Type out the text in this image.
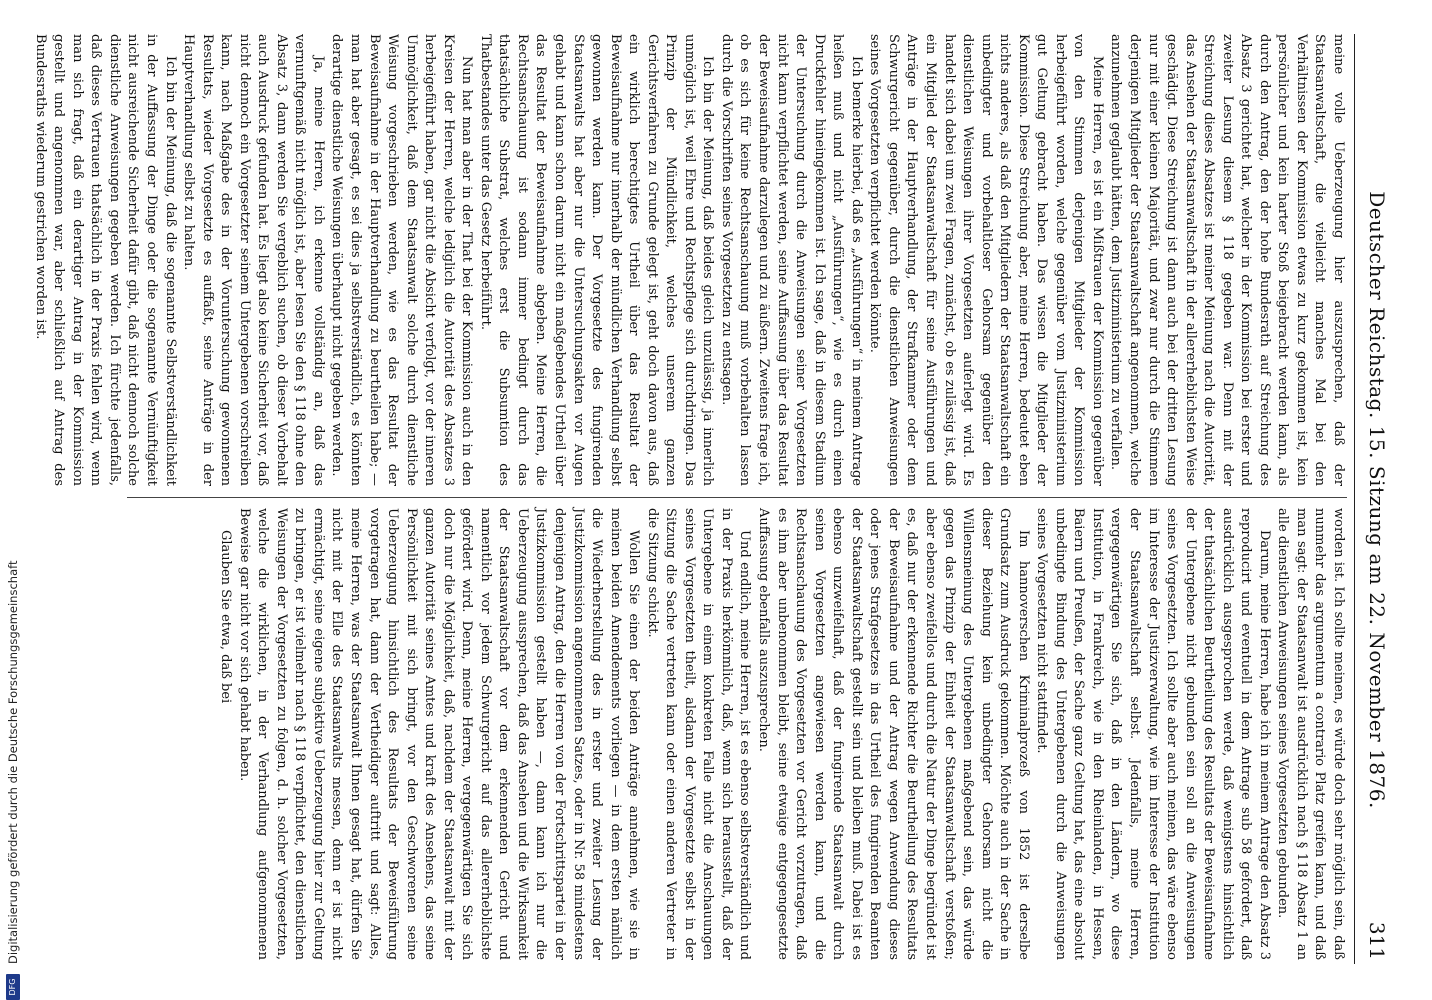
DFG
Digitalisierung gefördert durch die Deutsche Forschungsgemeinschaft	Deutscher Reichstag. 15. Sitzung am 22. November 1876.
311

meine volle Ueberzeugung hier auszusprechen, daß der Staatsanwaltschaft, die vielleicht manches Mal bei den Verhältnissen der Kommission etwas zu kurz gekommen ist, kein persönlicher und kein harter Stoß beigebracht werden kann, als durch den Antrag, den der hohe Bundesrath auf Streichung des Absatz 3 gerichtet hat, welcher in der Kommission bei erster und zweiter Lesung diesem § 118 gegeben war. Denn mit der Streichung dieses Absatzes ist meiner Meinung nach die Autorität, das Ansehen der Staatsanwaltschaft in der allererheblichsten Weise geschädigt. Diese Streichung ist dann auch bei der dritten Lesung nur mit einer kleinen Majorität, und zwar nur durch die Stimmen derjenigen Mitglieder der Staatsanwaltschaft angenommen, welche anzunehmen geglaubt hätten, dem Justizministerium zu verfallen.

Meine Herren, es ist ein Mißtrauen der Kommission gegenüber von den Stimmen derjenigen Mitglieder der Kommission herbeigeführt worden, welche gegenüber vom Justizministerium gut Geltung gebracht haben. Das wissen die Mitglieder der Kommission. Diese Streichung aber, meine Herren, bedeutet eben nichts anderes, als daß den Mitgliedern der Staatsanwaltschaft ein unbedingter und vorbehaltloser Gehorsam gegenüber den dienstlichen Weisungen ihrer Vorgesetzten auferlegt wird. Es handelt sich dabei um zwei Fragen, zunächst, ob es zulässig ist, daß ein Mitglied der Staatsanwaltschaft für seine Ausführungen und Anträge in der Hauptverhandlung, der Strafkammer oder dem Schwurgericht gegenüber, durch die dienstlichen Anweisungen seines Vorgesetzten verpflichtet werden könnte.

Ich bemerke hierbei, daß es „Ausführungen“ in meinem Antrage heißen muß und nicht „Ausführungen“, wie es durch einen Druckfehler hineingekommen ist. Ich sage, daß in diesem Stadium der Untersuchung durch die Anweisungen seiner Vorgesetzten nicht kann verpflichtet werden, seine Auffassung über das Resultat der Beweisaufnahme darzulegen und zu äußern. Zweitens frage ich, ob es sich für keine Rechtsanschauung muß vorbehalten lassen durch die Vorschriften seines Vorgesetzten zu entsagen.

Ich bin der Meinung, daß beides gleich unzulässig, ja innerlich unmöglich ist, weil Ehre und Rechtspflege sich durchdringen. Das Prinzip der Mündlichkeit, welches unserem ganzen Gerichtsverfahren zu Grunde gelegt ist, geht doch davon aus, daß ein wirklich berechtigtes Urtheil über das Resultat der Beweisaufnahme nur innerhalb der mündlichen Verhandlung selbst gewonnen werden kann. Der Vorgesetzte des fungirenden Staatsanwalts hat aber nur die Untersuchungsakten vor Augen gehabt und kann schon darum nicht ein maßgebendes Urtheil über das Resultat der Beweisaufnahme abgeben. Meine Herren, die Rechtsanschauung ist sodann immer bedingt durch das thatsächliche Substrat, welches erst die Subsumtion des Thatbestandes unter das Gesetz herbeiführt.

Nun hat man aber in der That bei der Kommission auch in den Kreisen der Herren, welche lediglich die Autorität des Absatzes 3 herbeigeführt haben, gar nicht die Absicht verfolgt, vor der inneren Unmöglichkeit, daß dem Staatsanwalt solche durch dienstliche Weisung vorgeschrieben werden, wie es das Resultat der Beweisaufnahme in der Hauptverhandlung zu beurtheilen habe; — man hat aber gesagt, es sei dies ja selbstverständlich, es könnten derartige dienstliche Weisungen überhaupt nicht gegeben werden.

Ja, meine Herren, ich erkenne vollständig an, daß das vernunftgemäß nicht möglich ist, aber lesen Sie den § 118 ohne den Absatz 3, dann werden Sie vergeblich suchen, ob dieser Vorbehalt auch Ausdruck gefunden hat. Es liegt also keine Sicherheit vor, daß nicht dennoch ein Vorgesetzter seinem Untergebenen vorschreiben kann, nach Maßgabe des in der Voruntersuchung gewonnenen Resultats, wieder Vorgesetzte es auffaßt, seine Anträge in der Hauptverhandlung selbst zu halten.

Ich bin der Meinung, daß die sogenannte Selbstverständlichkeit in der Auffassung der Dinge oder die sogenannte Vernünftigkeit nicht ausreichende Sicherheit dafür gibt, daß nicht dennoch solche dienstliche Anweisungen gegeben werden. Ich fürchte jedenfalls, daß dieses Vertrauen thatsächlich in der Praxis fehlen wird, wenn man sich fragt, daß ein derartiger Antrag in der Kommission gestellt und angenommen war, aber schließlich auf Antrag des Bundesraths wiederum gestrichen worden ist.

worden ist. Ich sollte meinen, es würde doch sehr möglich sein, daß nunmehr das argumentum a contrario Platz greifen kann, und daß man sagt: der Staatsanwalt ist ausdrücklich nach § 118 Absatz 1 an alle dienstlichen Anweisungen seines Vorgesetzten gebunden.

Darum, meine Herren, habe ich in meinem Antrage den Absatz 3 reproducirt und eventuell in dem Antrage sub 58 gefordert, daß ausdrücklich ausgesprochen werde, daß wenigstens hinsichtlich der thatsächlichen Beurtheilung des Resultats der Beweisaufnahme der Untergebene nicht gebunden sein soll an die Anweisungen seines Vorgesetzten. Ich sollte aber auch meinen, das wäre ebenso im Interesse der Justizverwaltung, wie im Interesse der Institution der Staatsanwaltschaft selbst. Jedenfalls, meine Herren, vergegenwärtigen Sie sich, daß in den Ländern, wo diese Institution, in Frankreich, wie in den Rheinlanden, in Hessen, Baiern und Preußen, der Sache ganz Geltung hat, das eine absolut unbedingte Bindung des Untergebenen durch die Anweisungen seines Vorgesetzten nicht stattfindet.

Im hannoverschen Kriminalprozeß von 1852 ist derselbe Grundsatz zum Ausdruck gekommen. Möchte auch in der Sache in dieser Beziehung kein unbedingter Gehorsam nicht die Willensmeinung des Untergebenen maßgebend sein, das würde gegen das Prinzip der Einheit der Staatsanwaltschaft verstoßen; aber ebenso zweifellos und durch die Natur der Dinge begründet ist es, daß nur der erkennende Richter die Beurtheilung des Resultats der Beweisaufnahme und der Antrag wegen Anwendung dieses oder jenes Strafgesetzes in das Urtheil des fungirenden Beamten der Staatsanwaltschaft gestellt sein und bleiben muß. Dabei ist es ebenso unzweifelhaft, daß der fungirende Staatsanwalt durch seinen Vorgesetzten angewiesen werden kann, und die Rechtsanschauung des Vorgesetzten vor Gericht vorzutragen, daß es ihm aber unbenommen bleibt, seine etwaige entgegengesetzte Auffassung ebenfalls auszusprechen.

Und endlich, meine Herren, ist es ebenso selbstverständlich und in der Praxis herkömmlich, daß, wenn sich herausstellt, daß der Untergebene in einem konkreten Falle nicht die Anschauungen seines Vorgesetzten theilt, alsdann der Vorgesetzte selbst in der Sitzung die Sache vertreten kann oder einen anderen Vertreter in die Sitzung schickt.

Wollen Sie einen der beiden Anträge annehmen, wie sie in meinen beiden Amendements vorliegen — in dem ersten nämlich die Wiederherstellung des in erster und zweiter Lesung der Justizkommission angenommenen Satzes, oder in Nr. 58 mindestens denjenigen Antrag, den die Herren von der Fortschrittspartei in der Justizkommission gestellt haben —, dann kann ich nur die Ueberzeugung aussprechen, daß das Ansehen und die Wirksamkeit der Staatsanwaltschaft vor dem erkennenden Gericht und namentlich vor jedem Schwurgericht auf das allererheblichste gefördert wird. Denn, meine Herren, vergegenwärtigen Sie sich doch nur die Möglichkeit, daß, nachdem der Staatsanwalt mit der ganzen Autorität seines Amtes und kraft des Ansehens, das seine Persönlichkeit mit sich bringt, vor den Geschworenen seine Ueberzeugung hinsichtlich des Resultats der Beweisführung vorgetragen hat, dann der Vertheidiger auftritt und sagt: Alles, meine Herren, was der Staatsanwalt Ihnen gesagt hat, dürfen Sie nicht mit der Elle des Staatsanwalts messen, denn er ist nicht ermächtigt, seine eigene subjektive Ueberzeugung hier zur Geltung zu bringen, er ist vielmehr nach § 118 verpflichtet, den dienstlichen Weisungen der Vorgesetzten zu folgen, d. h. solcher Vorgesetzten, welche die wirklichen, in der Verhandlung aufgenommenen Beweise gar nicht vor sich gehabt haben.

Glauben Sie etwa, daß bei
